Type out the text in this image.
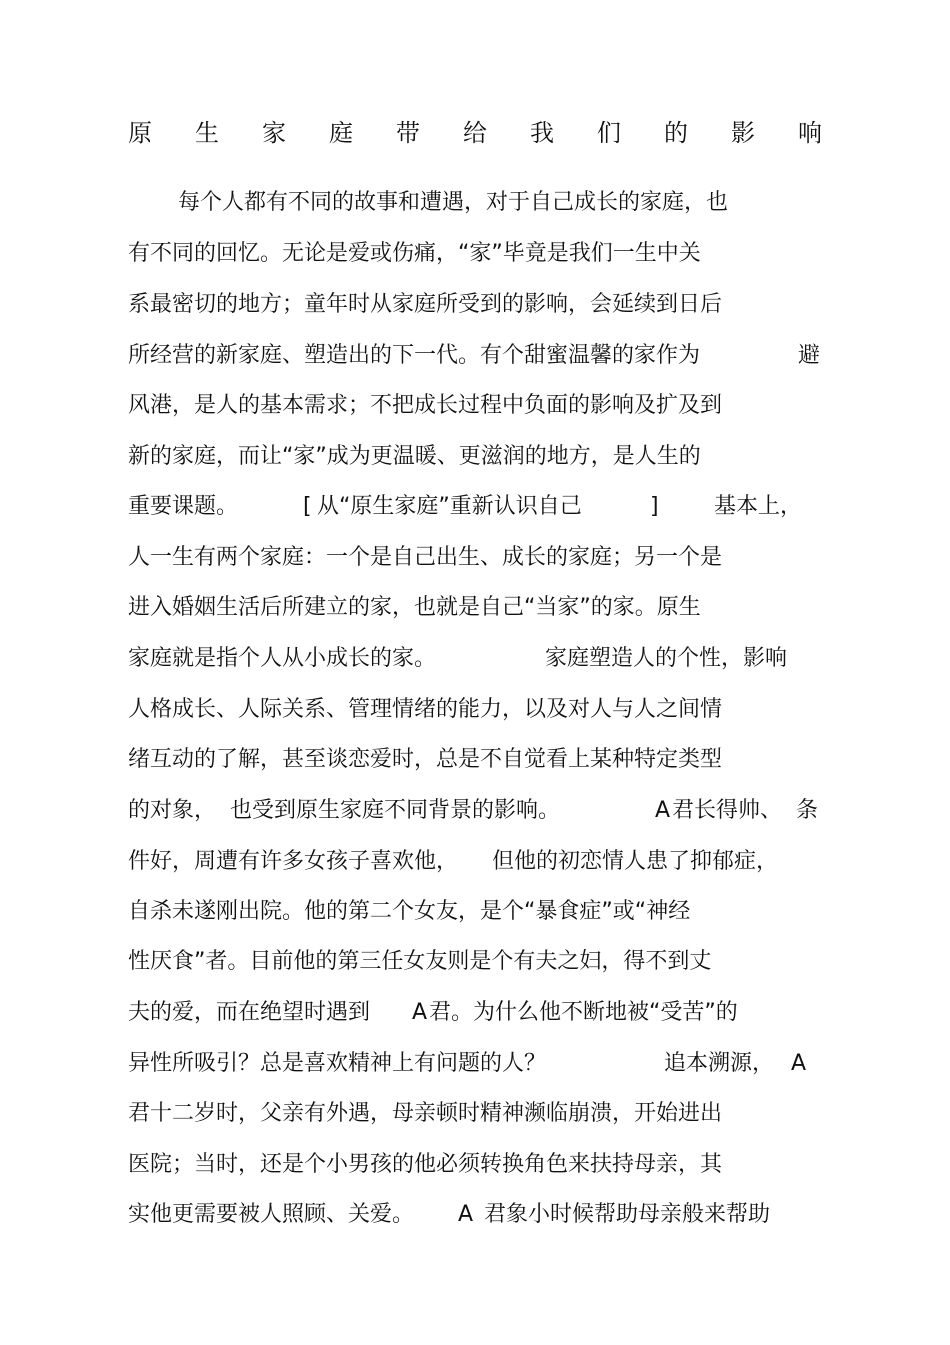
原 生 家 庭 带 给 我 们 的 影 响
每个人都有不同的故事和遭遇，对于自己成长的家庭，也
有不同的回忆。无论是爱或伤痛，“家”毕竟是我们一生中关
系最密切的地方；童年时从家庭所受到的影响，会延续到日后
所经营的新家庭、塑造出的下一代。有个甜蜜温馨的家作为	避
风港，是人的基本需求；不把成长过程中负面的影响及扩及到
新的家庭，而让“家”成为更温暖、更滋润的地方，是人生的
重要课题。	[ 从“原生家庭”重新认识自己	]	基本上，
人一生有两个家庭：一个是自己出生、成长的家庭；另一个是
进入婚姻生活后所建立的家，也就是自己“当家”的家。原生
家庭就是指个人从小成长的家。	家庭塑造人的个性，影响
人格成长、人际关系、管理情绪的能力，以及对人与人之间情
绪互动的了解，甚至谈恋爱时，总是不自觉看上某种特定类型
的对象，  也受到原生家庭不同背景的影响。	A 君长得帅、  条
件好，周遭有许多女孩子喜欢他， 但他的初恋情人患了抑郁症，
自杀未遂刚出院。他的第二个女友，是个“暴食症”或“神经
性厌食”者。目前他的第三任女友则是个有夫之妇，得不到丈
夫的爱，而在绝望时遇到 A 君。为什么他不断地被“受苦”的
异性所吸引？总是喜欢精神上有问题的人？	追本溯源， A
君十二岁时，父亲有外遇，母亲顿时精神濒临崩溃，开始进出
医院；当时，还是个小男孩的他必须转换角色来扶持母亲，其
实他更需要被人照顾、关爱。 A 君象小时候帮助母亲般来帮助
